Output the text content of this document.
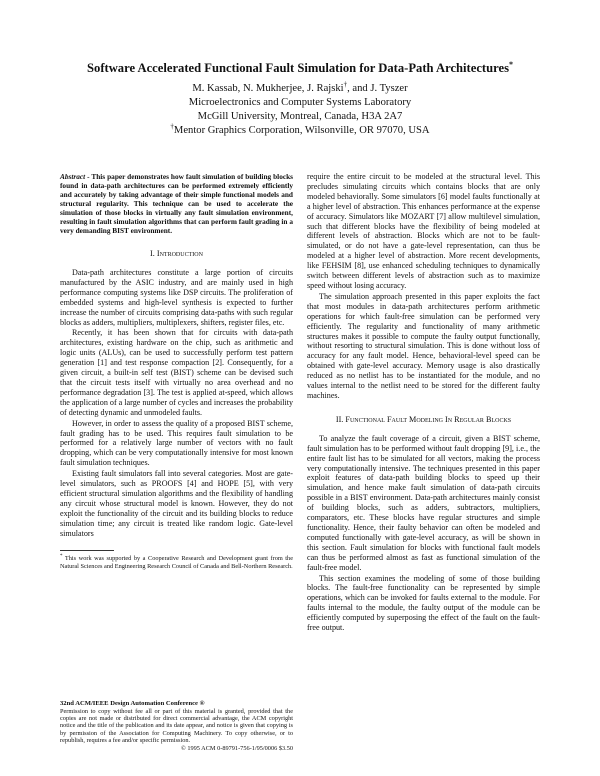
Software Accelerated Functional Fault Simulation for Data-Path Architectures*
M. Kassab, N. Mukherjee, J. Rajski†, and J. Tyszer
Microelectronics and Computer Systems Laboratory
McGill University, Montreal, Canada, H3A 2A7
†Mentor Graphics Corporation, Wilsonville, OR 97070, USA

Abstract - This paper demonstrates how fault simulation of building blocks found in data-path architectures can be performed extremely efficiently and accurately by taking advantage of their simple functional models and structural regularity. This technique can be used to accelerate the simulation of those blocks in virtually any fault simulation environment, resulting in fault simulation algorithms that can perform fault grading in a very demanding BIST environment.

I. Introduction

Data-path architectures constitute a large portion of circuits manufactured by the ASIC industry, and are mainly used in high performance computing systems like DSP circuits. The proliferation of embedded systems and high-level synthesis is expected to further increase the number of circuits comprising data-paths with such regular blocks as adders, multipliers, multiplexers, shifters, register files, etc.

Recently, it has been shown that for circuits with data-path architectures, existing hardware on the chip, such as arithmetic and logic units (ALUs), can be used to successfully perform test pattern generation [1] and test response compaction [2]. Consequently, for a given circuit, a built-in self test (BIST) scheme can be devised such that the circuit tests itself with virtually no area overhead and no performance degradation [3]. The test is applied at-speed, which allows the application of a large number of cycles and increases the probability of detecting dynamic and unmodeled faults.

However, in order to assess the quality of a proposed BIST scheme, fault grading has to be used. This requires fault simulation to be performed for a relatively large number of vectors with no fault dropping, which can be very computationally intensive for most known fault simulation techniques.

Existing fault simulators fall into several categories. Most are gate-level simulators, such as PROOFS [4] and HOPE [5], with very efficient structural simulation algorithms and the flexibility of handling any circuit whose structural model is known. However, they do not exploit the functionality of the circuit and its building blocks to reduce simulation time; any circuit is treated like random logic. Gate-level simulators

* This work was supported by a Cooperative Research and Development grant from the Natural Sciences and Engineering Research Council of Canada and Bell-Northern Research.

32nd ACM/IEEE Design Automation Conference ®

Permission to copy without fee all or part of this material is granted, provided that the copies are not made or distributed for direct commercial advantage, the ACM copyright notice and the title of the publication and its date appear, and notice is given that copying is by permission of the Association for Computing Machinery. To copy otherwise, or to republish, requires a fee and/or specific permission.
© 1995 ACM 0-89791-756-1/95/0006 $3.50

require the entire circuit to be modeled at the structural level. This precludes simulating circuits which contains blocks that are only modeled behaviorally. Some simulators [6] model faults functionally at a higher level of abstraction. This enhances performance at the expense of accuracy. Simulators like MOZART [7] allow multilevel simulation, such that different blocks have the flexibility of being modeled at different levels of abstraction. Blocks which are not to be fault-simulated, or do not have a gate-level representation, can thus be modeled at a higher level of abstraction. More recent developments, like FEHSIM [8], use enhanced scheduling techniques to dynamically switch between different levels of abstraction such as to maximize speed without losing accuracy.

The simulation approach presented in this paper exploits the fact that most modules in data-path architectures perform arithmetic operations for which fault-free simulation can be performed very efficiently. The regularity and functionality of many arithmetic structures makes it possible to compute the faulty output functionally, without resorting to structural simulation. This is done without loss of accuracy for any fault model. Hence, behavioral-level speed can be obtained with gate-level accuracy. Memory usage is also drastically reduced as no netlist has to be instantiated for the module, and no values internal to the netlist need to be stored for the different faulty machines.

II. Functional Fault Modeling In Regular Blocks

To analyze the fault coverage of a circuit, given a BIST scheme, fault simulation has to be performed without fault dropping [9], i.e., the entire fault list has to be simulated for all vectors, making the process very computationally intensive. The techniques presented in this paper exploit features of data-path building blocks to speed up their simulation, and hence make fault simulation of data-path circuits possible in a BIST environment. Data-path architectures mainly consist of building blocks, such as adders, subtractors, multipliers, comparators, etc. These blocks have regular structures and simple functionality. Hence, their faulty behavior can often be modeled and computed functionally with gate-level accuracy, as will be shown in this section. Fault simulation for blocks with functional fault models can thus be performed almost as fast as functional simulation of the fault-free model.

This section examines the modeling of some of those building blocks. The fault-free functionality can be represented by simple operations, which can be invoked for faults external to the module. For faults internal to the module, the faulty output of the module can be efficiently computed by superposing the effect of the fault on the fault-free output.
